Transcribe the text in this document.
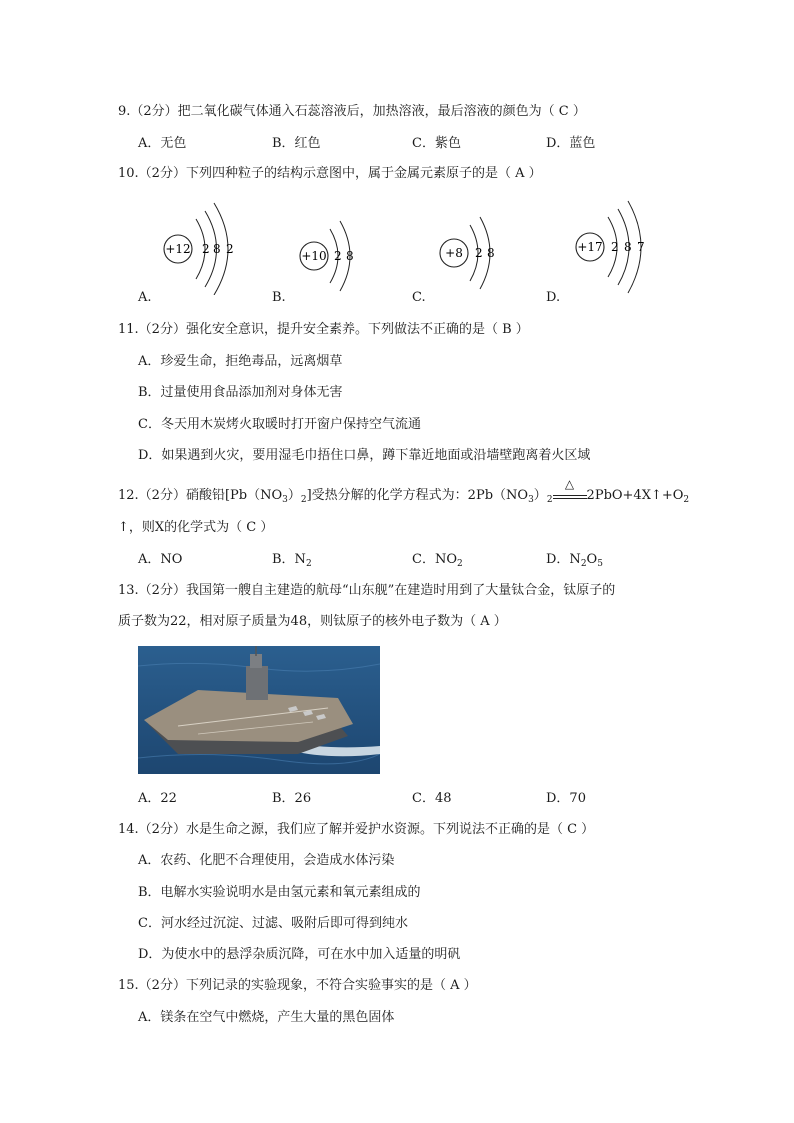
9.（2分）把二氧化碳气体通入石蕊溶液后，加热溶液，最后溶液的颜色为（ C ）
A．无色	B．红色	C．紫色	D．蓝色
10.（2分）下列四种粒子的结构示意图中，属于金属元素原子的是（ A ）
+12 2 8 2	+10 2 8	+8 2 8	+17 2 8 7
A.	B.	C.	D.
11.（2分）强化安全意识，提升安全素养。下列做法不正确的是（ B ）
A．珍爱生命，拒绝毒品，远离烟草
B．过量使用食品添加剂对身体无害
C．冬天用木炭烤火取暖时打开窗户保持空气流通
D．如果遇到火灾，要用湿毛巾捂住口鼻，蹲下靠近地面或沿墙壁跑离着火区域
12.（2分）硝酸铅$[Pb(NO_3)_2]$受热分解的化学方程式为：$2Pb(NO_3)_2$
△
$2PbO+4X↑+O_2$
↑，则X的化学式为（ C ）
A．NO	B．$N_2$	C．$NO_2$	D．$N_2O_5$
13.（2分）我国第一艘自主建造的航母“山东舰”在建造时用到了大量钛合金，钛原子的
质子数为22，相对原子质量为48，则钛原子的核外电子数为（ A ）
A．22	B．26	C．48	D．70
14.（2分）水是生命之源，我们应了解并爱护水资源。下列说法不正确的是（ C ）
A．农药、化肥不合理使用，会造成水体污染
B．电解水实验说明水是由氢元素和氧元素组成的
C．河水经过沉淀、过滤、吸附后即可得到纯水
D．为使水中的悬浮杂质沉降，可在水中加入适量的明矾
15.（2分）下列记录的实验现象，不符合实验事实的是（ A ）
A．镁条在空气中燃烧，产生大量的黑色固体
